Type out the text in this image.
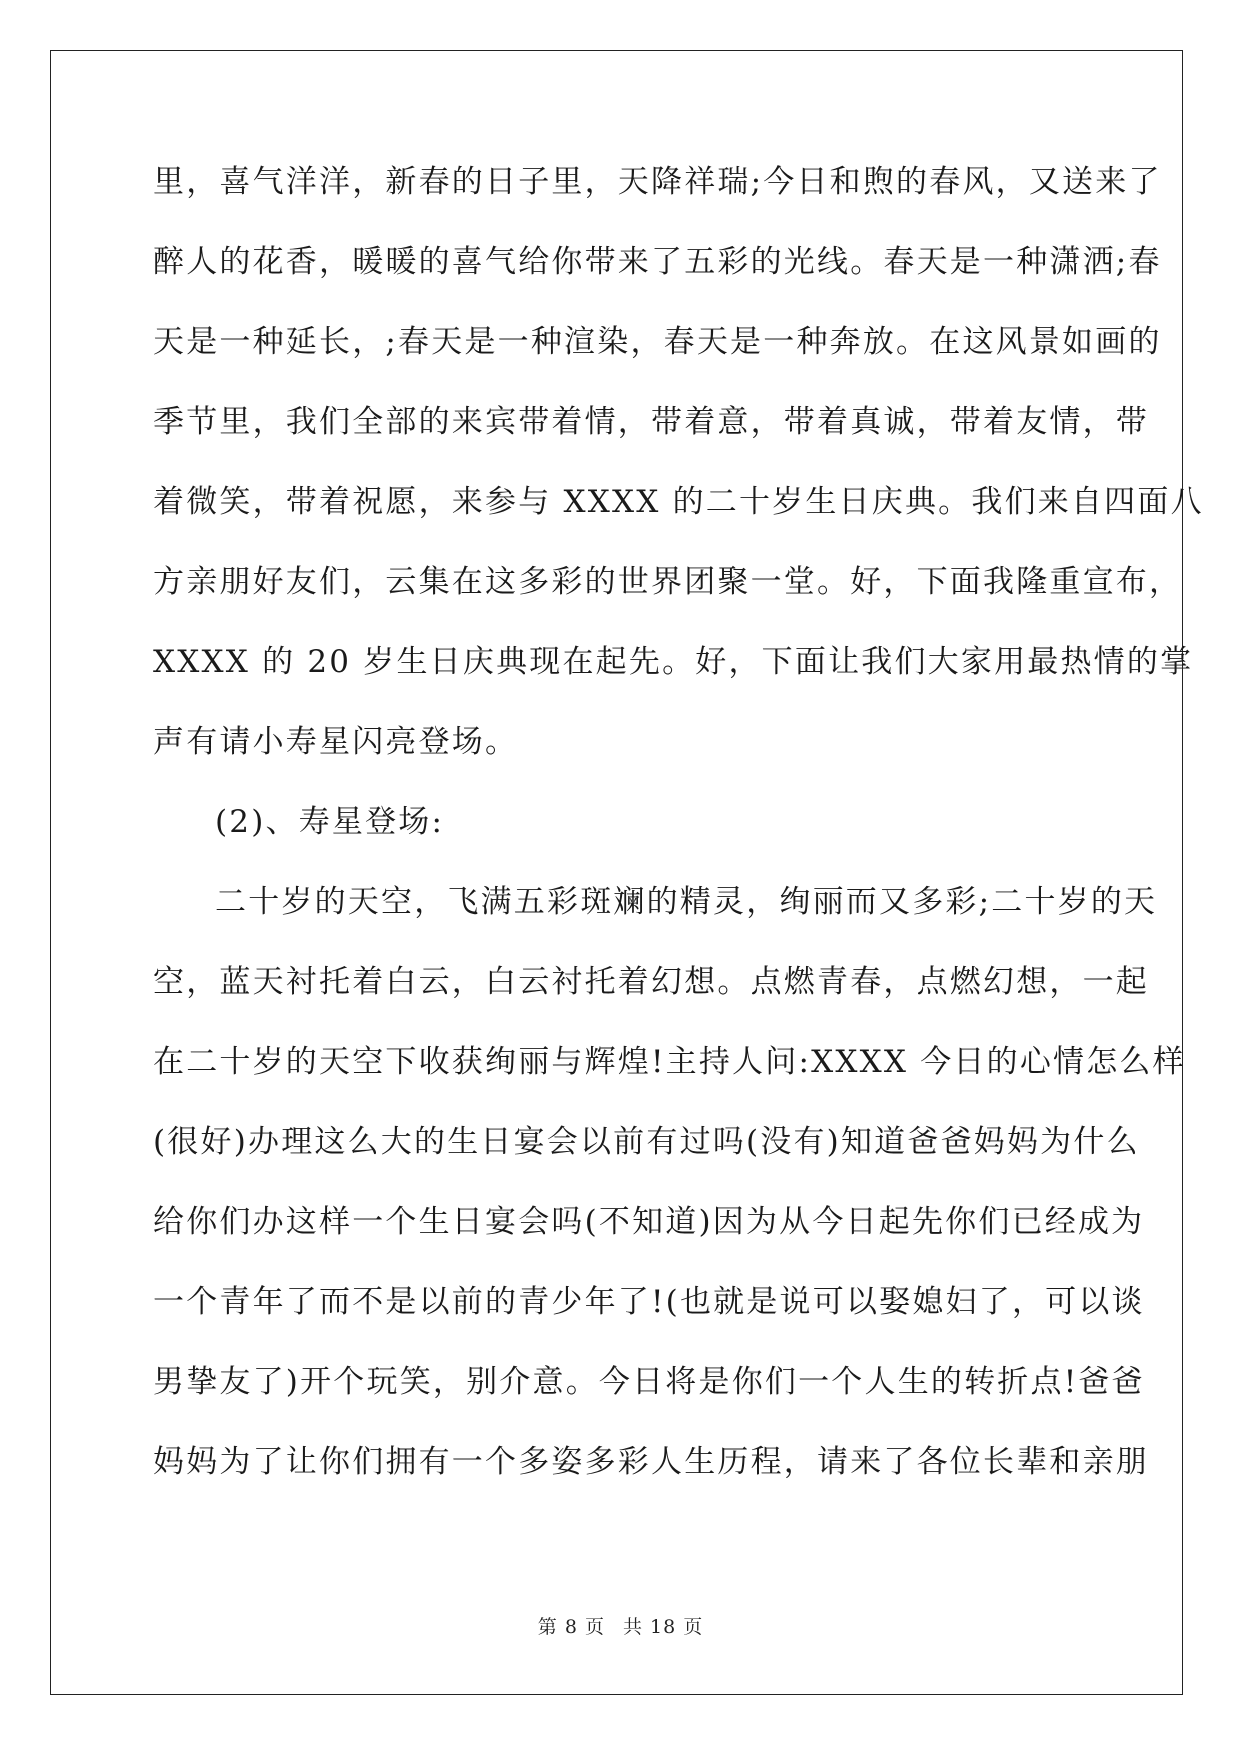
里，喜气洋洋，新春的日子里，天降祥瑞;今日和煦的春风，又送来了
醉人的花香，暖暖的喜气给你带来了五彩的光线。春天是一种潇洒;春
天是一种延长，;春天是一种渲染，春天是一种奔放。在这风景如画的
季节里，我们全部的来宾带着情，带着意，带着真诚，带着友情，带
着微笑，带着祝愿，来参与 XXXX 的二十岁生日庆典。我们来自四面八
方亲朋好友们，云集在这多彩的世界团聚一堂。好，下面我隆重宣布，
XXXX 的 20 岁生日庆典现在起先。好，下面让我们大家用最热情的掌
声有请小寿星闪亮登场。
(2)、寿星登场:
二十岁的天空，飞满五彩斑斓的精灵，绚丽而又多彩;二十岁的天
空，蓝天衬托着白云，白云衬托着幻想。点燃青春，点燃幻想，一起
在二十岁的天空下收获绚丽与辉煌!主持人问:XXXX 今日的心情怎么样
(很好)办理这么大的生日宴会以前有过吗(没有)知道爸爸妈妈为什么
给你们办这样一个生日宴会吗(不知道)因为从今日起先你们已经成为
一个青年了而不是以前的青少年了!(也就是说可以娶媳妇了，可以谈
男挚友了)开个玩笑，别介意。今日将是你们一个人生的转折点!爸爸
妈妈为了让你们拥有一个多姿多彩人生历程，请来了各位长辈和亲朋
第 8 页 共 18 页
